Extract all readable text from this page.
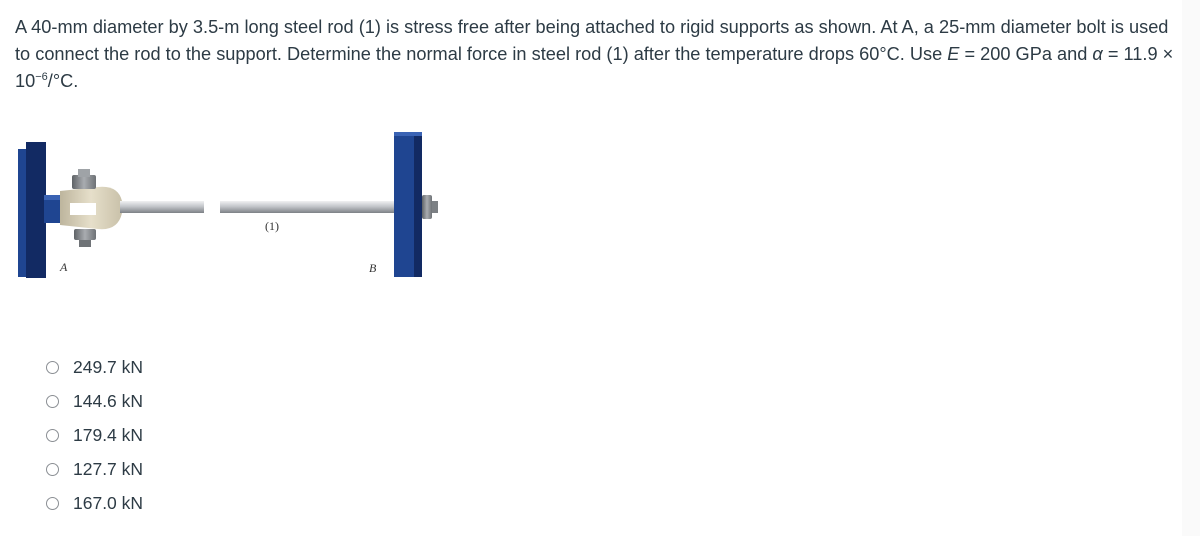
A 40-mm diameter by 3.5-m long steel rod (1) is stress free after being attached to rigid supports as shown. At A, a 25-mm diameter bolt is used to connect the rod to the support. Determine the normal force in steel rod (1) after the temperature drops 60°C. Use E = 200 GPa and $\alpha = 11.9 \times 10^{-6}/^\circ C$.
A	B
(1)
249.7 kN
144.6 kN
179.4 kN
127.7 kN
167.0 kN
